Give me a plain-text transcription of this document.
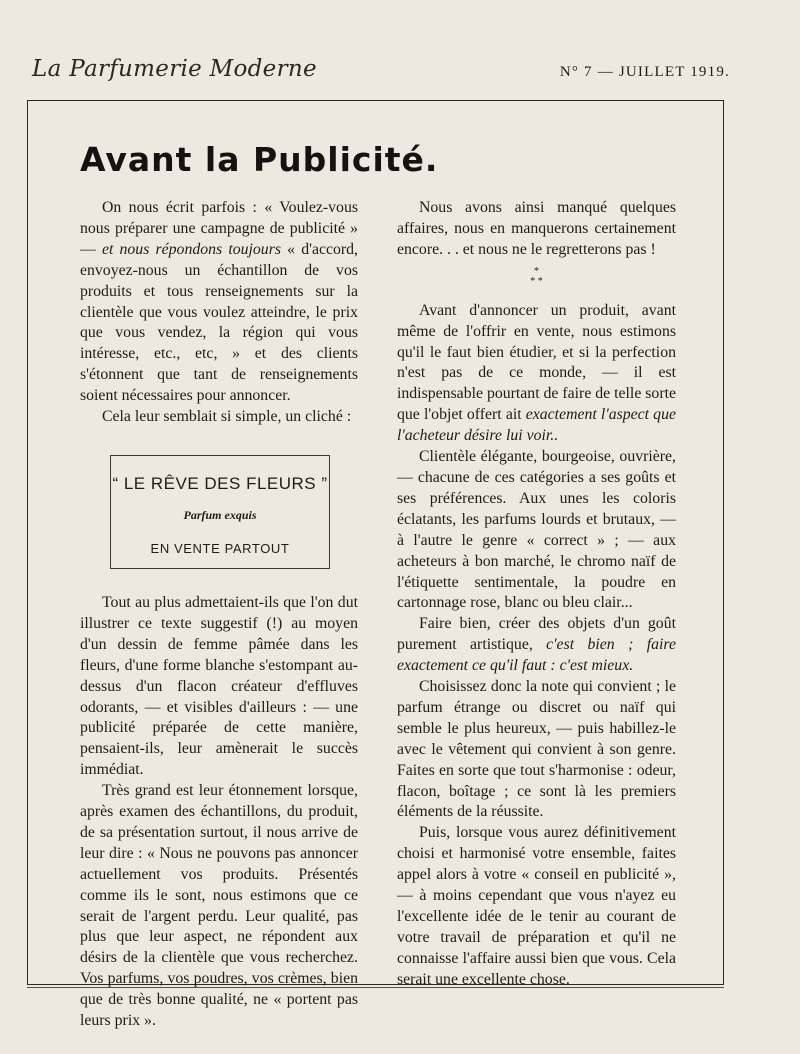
La Parfumerie Moderne	N° 7 — JUILLET 1919.
Avant la Publicité.

On nous écrit parfois : « Voulez-vous nous préparer une campagne de publicité » — et nous répondons toujours « d'accord, envoyez-nous un échantillon de vos produits et tous renseignements sur la clientèle que vous voulez atteindre, le prix que vous vendez, la région qui vous intéresse, etc., etc, » et des clients s'étonnent que tant de renseignements soient nécessaires pour annoncer.

Cela leur semblait si simple, un cliché :

“ LE RÊVE DES FLEURS ”
Parfum exquis
EN VENTE PARTOUT

Tout au plus admettaient-ils que l'on dut illustrer ce texte suggestif (!) au moyen d'un dessin de femme pâmée dans les fleurs, d'une forme blanche s'estompant au-dessus d'un flacon créateur d'effluves odorants, — et visibles d'ailleurs : — une publicité préparée de cette manière, pensaient-ils, leur amènerait le succès immédiat.

Très grand est leur étonnement lorsque, après examen des échantillons, du produit, de sa présentation surtout, il nous arrive de leur dire : « Nous ne pouvons pas annoncer actuellement vos produits. Présentés comme ils le sont, nous estimons que ce serait de l'argent perdu. Leur qualité, pas plus que leur aspect, ne répondent aux désirs de la clientèle que vous recherchez. Vos parfums, vos poudres, vos crèmes, bien que de très bonne qualité, ne « portent pas leurs prix ».

Nous avons ainsi manqué quelques affaires, nous en manquerons certainement encore. . . et nous ne le regretterons pas !

*
* *

Avant d'annoncer un produit, avant même de l'offrir en vente, nous estimons qu'il le faut bien étudier, et si la perfection n'est pas de ce monde, — il est indispensable pourtant de faire de telle sorte que l'objet offert ait exactement l'aspect que l'acheteur désire lui voir..

Clientèle élégante, bourgeoise, ouvrière, — chacune de ces catégories a ses goûts et ses préférences. Aux unes les coloris éclatants, les parfums lourds et brutaux, — à l'autre le genre « correct » ; — aux acheteurs à bon marché, le chromo naïf de l'étiquette sentimentale, la poudre en cartonnage rose, blanc ou bleu clair...

Faire bien, créer des objets d'un goût purement artistique, c'est bien ; faire exactement ce qu'il faut : c'est mieux.

Choisissez donc la note qui convient ; le parfum étrange ou discret ou naïf qui semble le plus heureux, — puis habillez-le avec le vêtement qui convient à son genre. Faites en sorte que tout s'harmonise : odeur, flacon, boîtage ; ce sont là les premiers éléments de la réussite.

Puis, lorsque vous aurez définitivement choisi et harmonisé votre ensemble, faites appel alors à votre « conseil en publicité », — à moins cependant que vous n'ayez eu l'excellente idée de le tenir au courant de votre travail de préparation et qu'il ne connaisse l'affaire aussi bien que vous. Cela serait une excellente chose.
